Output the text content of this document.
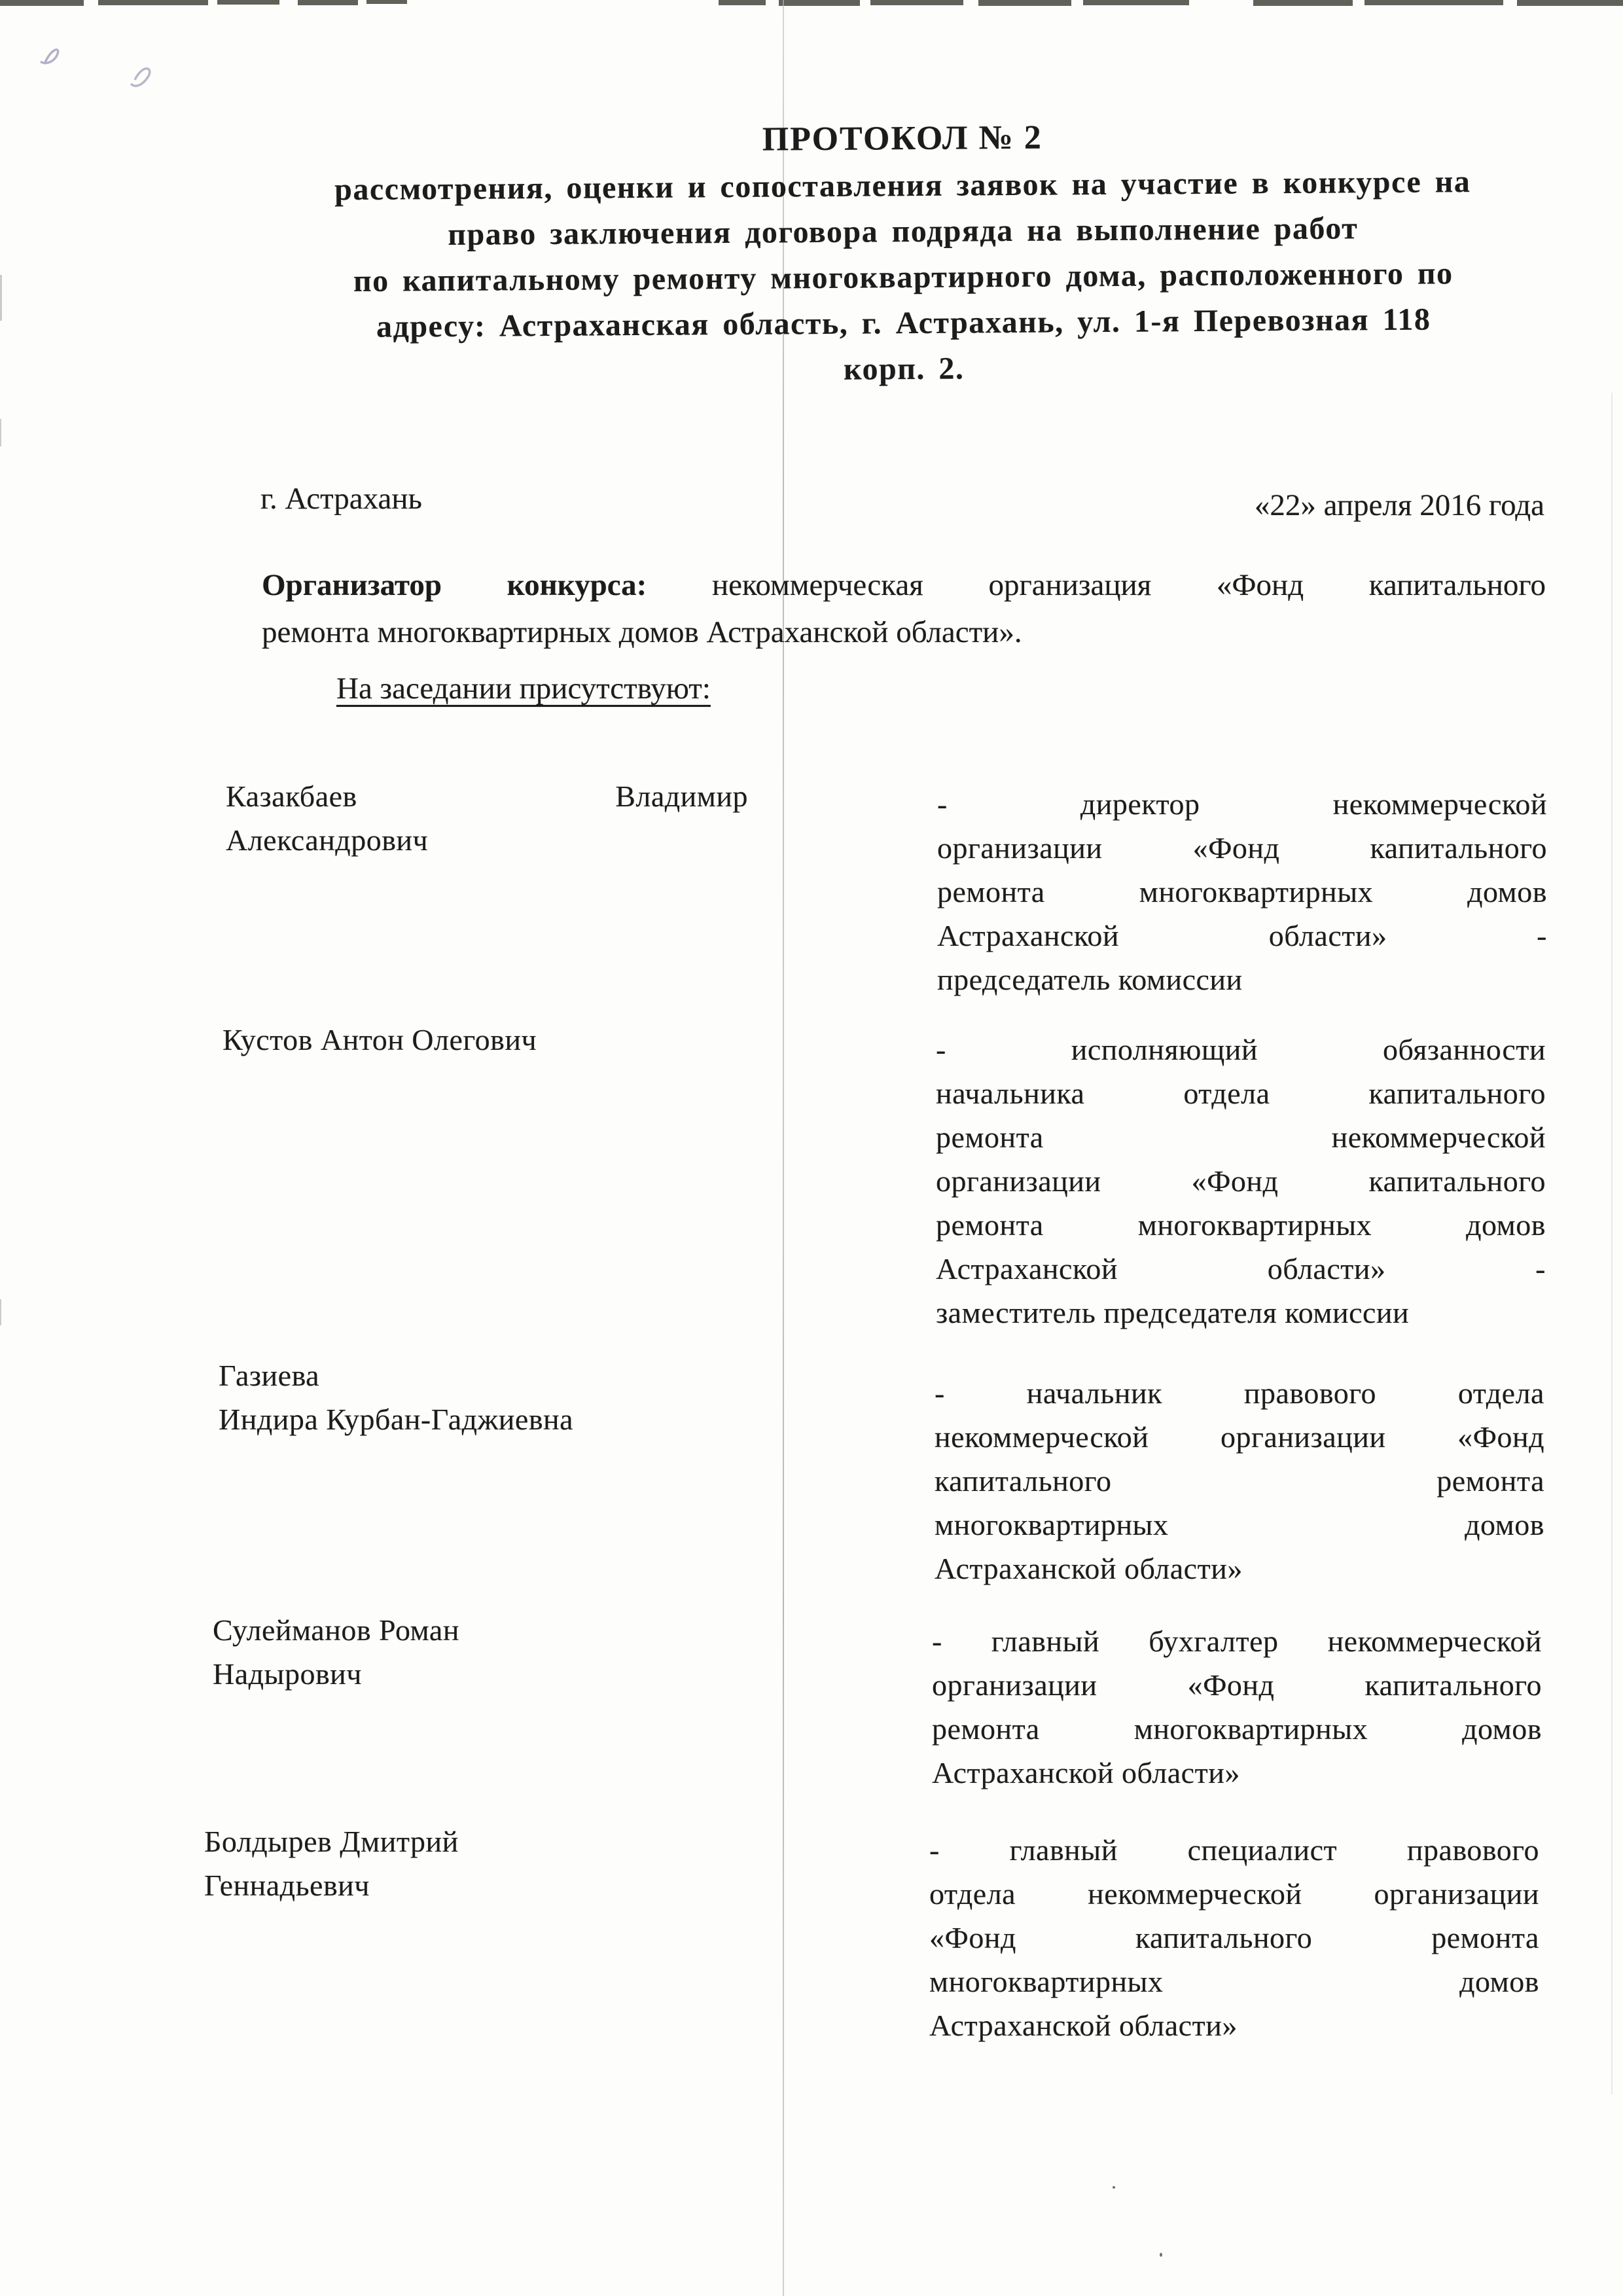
ПРОТОКОЛ № 2
рассмотрения, оценки и сопоставления заявок на участие в конкурсе на
право заключения договора подряда на выполнение работ
по капитальному ремонту многоквартирного дома, расположенного по
адресу: Астраханская область, г. Астрахань, ул. 1-я Перевозная 118
корп. 2.
г. Астрахань	«22» апреля 2016 года
Организатор конкурса: некоммерческая организация «Фонд капитального
ремонта многоквартирных домов Астраханской области».
На заседании присутствуют:
Казакбаев	Владимир
Александрович
-	директор	некоммерческой
организации	«Фонд	капитального
ремонта	многоквартирных	домов
Астраханской	области»	-
председатель комиссии
Кустов Антон Олегович	-	исполняющий	обязанности
начальника	отдела	капитального
ремонта	некоммерческой
организации	«Фонд	капитального
ремонта	многоквартирных	домов
Астраханской	области»	-
заместитель председателя комиссии
Газиева
Индира Курбан-Гаджиевна
-	начальник	правового	отдела
некоммерческой организации «Фонд
капитального	ремонта
многоквартирных	домов
Астраханской области»
Сулейманов Роман
Надырович
- главный бухгалтер некоммерческой
организации	«Фонд	капитального
ремонта	многоквартирных	домов
Астраханской области»
Болдырев Дмитрий
Геннадьевич
- главный специалист правового
отдела некоммерческой организации
«Фонд	капитального	ремонта
многоквартирных	домов
Астраханской области»
